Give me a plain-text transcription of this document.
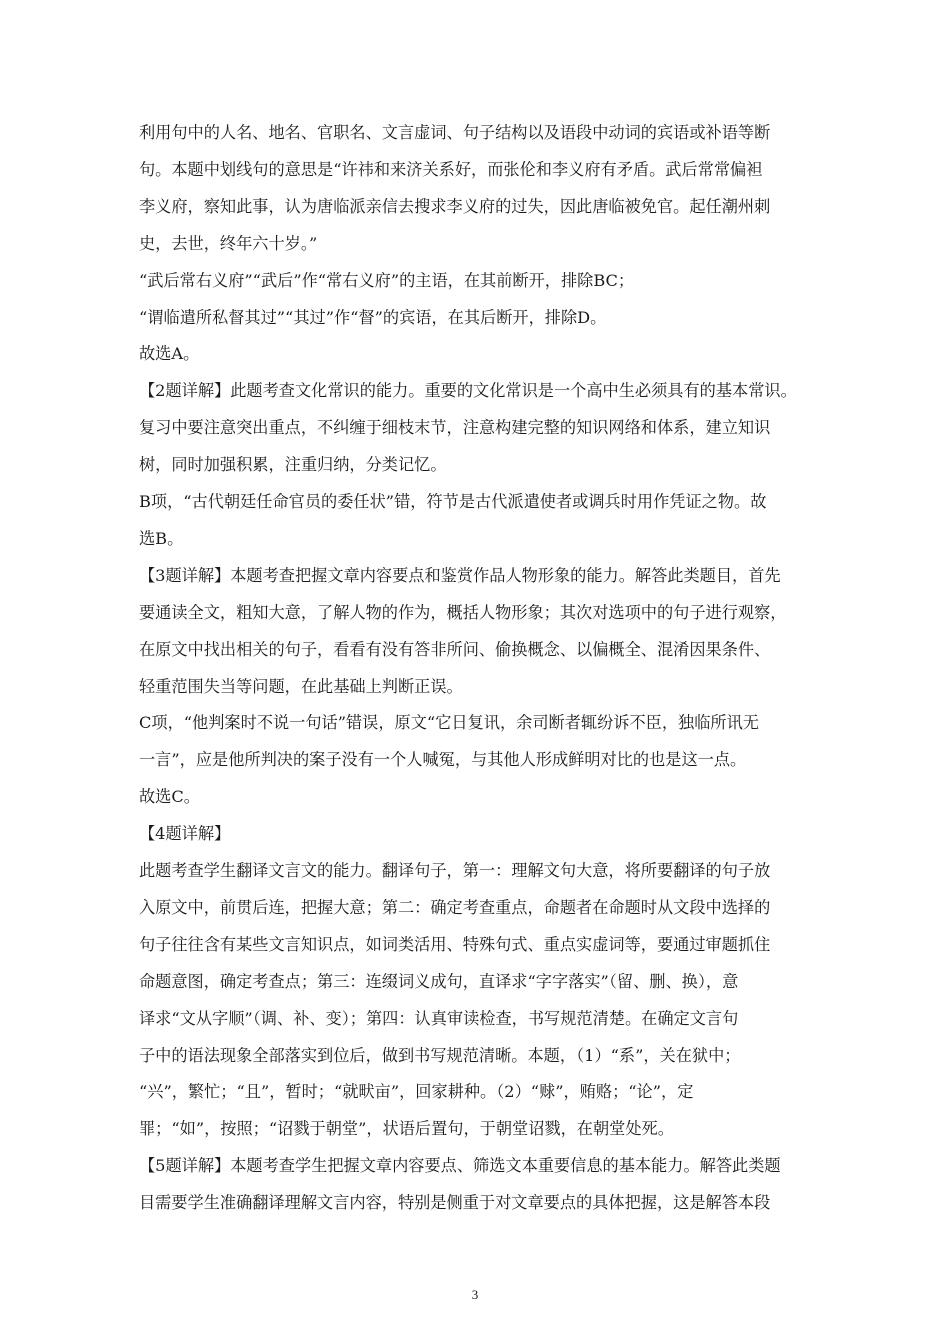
利用句中的人名、地名、官职名、文言虚词、句子结构以及语段中动词的宾语或补语等断
句。本题中划线句的意思是“许祎和来济关系好，而张伦和李义府有矛盾。武后常常偏袒
李义府，察知此事，认为唐临派亲信去搜求李义府的过失，因此唐临被免官。起任潮州刺
史，去世，终年六十岁。”
“武后常右义府”“武后”作“常右义府”的主语，在其前断开，排除BC；
“谓临遣所私督其过”“其过”作“督”的宾语，在其后断开，排除D。
故选A。
【2题详解】此题考查文化常识的能力。重要的文化常识是一个高中生必须具有的基本常识。
复习中要注意突出重点，不纠缠于细枝末节，注意构建完整的知识网络和体系，建立知识
树，同时加强积累，注重归纳，分类记忆。
B项，“古代朝廷任命官员的委任状”错，符节是古代派遣使者或调兵时用作凭证之物。故
选B。
【3题详解】本题考查把握文章内容要点和鉴赏作品人物形象的能力。解答此类题目，首先
要通读全文，粗知大意，了解人物的作为，概括人物形象；其次对选项中的句子进行观察，
在原文中找出相关的句子，看看有没有答非所问、偷换概念、以偏概全、混淆因果条件、
轻重范围失当等问题，在此基础上判断正误。
C项，“他判案时不说一句话”错误，原文“它日复讯，余司断者辄纷诉不臣，独临所讯无
一言”，应是他所判决的案子没有一个人喊冤，与其他人形成鲜明对比的也是这一点。
故选C。
【4题详解】
此题考查学生翻译文言文的能力。翻译句子，第一：理解文句大意，将所要翻译的句子放
入原文中，前贯后连，把握大意；第二：确定考查重点，命题者在命题时从文段中选择的
句子往往含有某些文言知识点，如词类活用、特殊句式、重点实虚词等，要通过审题抓住
命题意图，确定考查点；第三：连缀词义成句，直译求“字字落实”（留、删、换），意
译求“文从字顺”（调、补、变）；第四：认真审读检查，书写规范清楚。在确定文言句
子中的语法现象全部落实到位后，做到书写规范清晰。本题，（1）“系”，关在狱中；
“兴”，繁忙；“且”，暂时；“就畎亩”，回家耕种。（2）“赇”，贿赂；“论”，定
罪；“如”，按照；“诏戮于朝堂”，状语后置句，于朝堂诏戮，在朝堂处死。
【5题详解】本题考查学生把握文章内容要点、筛选文本重要信息的基本能力。解答此类题
目需要学生准确翻译理解文言内容，特别是侧重于对文章要点的具体把握，这是解答本段
3
